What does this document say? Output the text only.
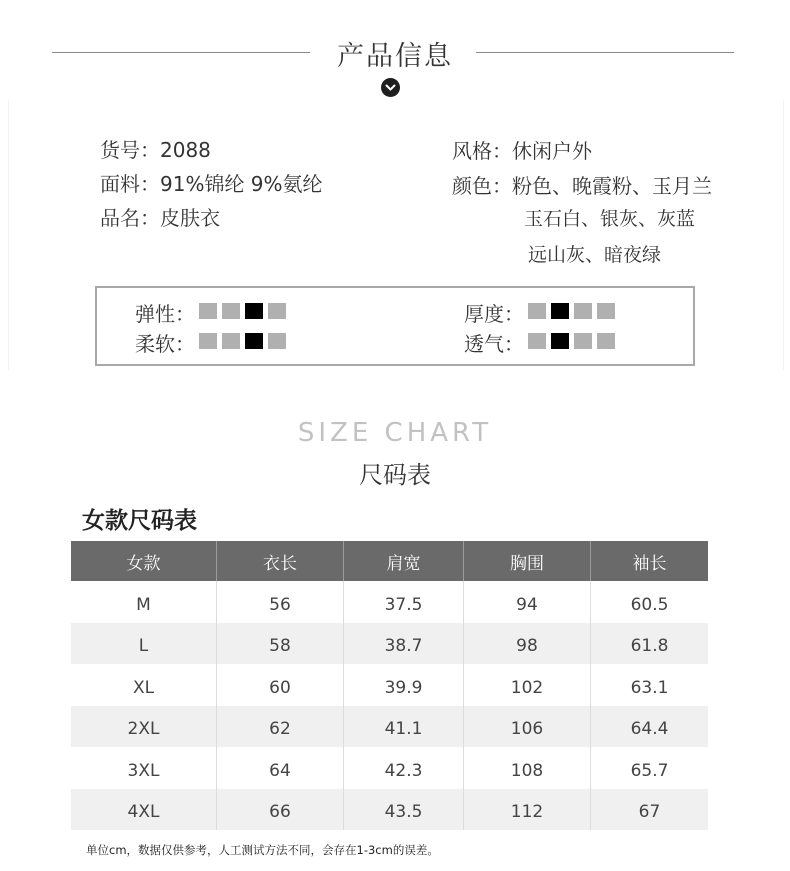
产品信息
货号：2088
面料：91%锦纶 9%氨纶
品名：皮肤衣
风格：休闲户外
颜色：粉色、晚霞粉、玉月兰
玉石白、银灰、灰蓝
远山灰、暗夜绿
弹性：
柔软：
厚度：
透气：
SIZE CHART
尺码表
女款尺码表
女款	衣长	肩宽	胸围	袖长
M	56	37.5	94	60.5
L	58	38.7	98	61.8
XL	60	39.9	102	63.1
2XL	62	41.1	106	64.4
3XL	64	42.3	108	65.7
4XL	66	43.5	112	67
单位cm，数据仅供参考，人工测试方法不同，会存在1-3cm的误差。
